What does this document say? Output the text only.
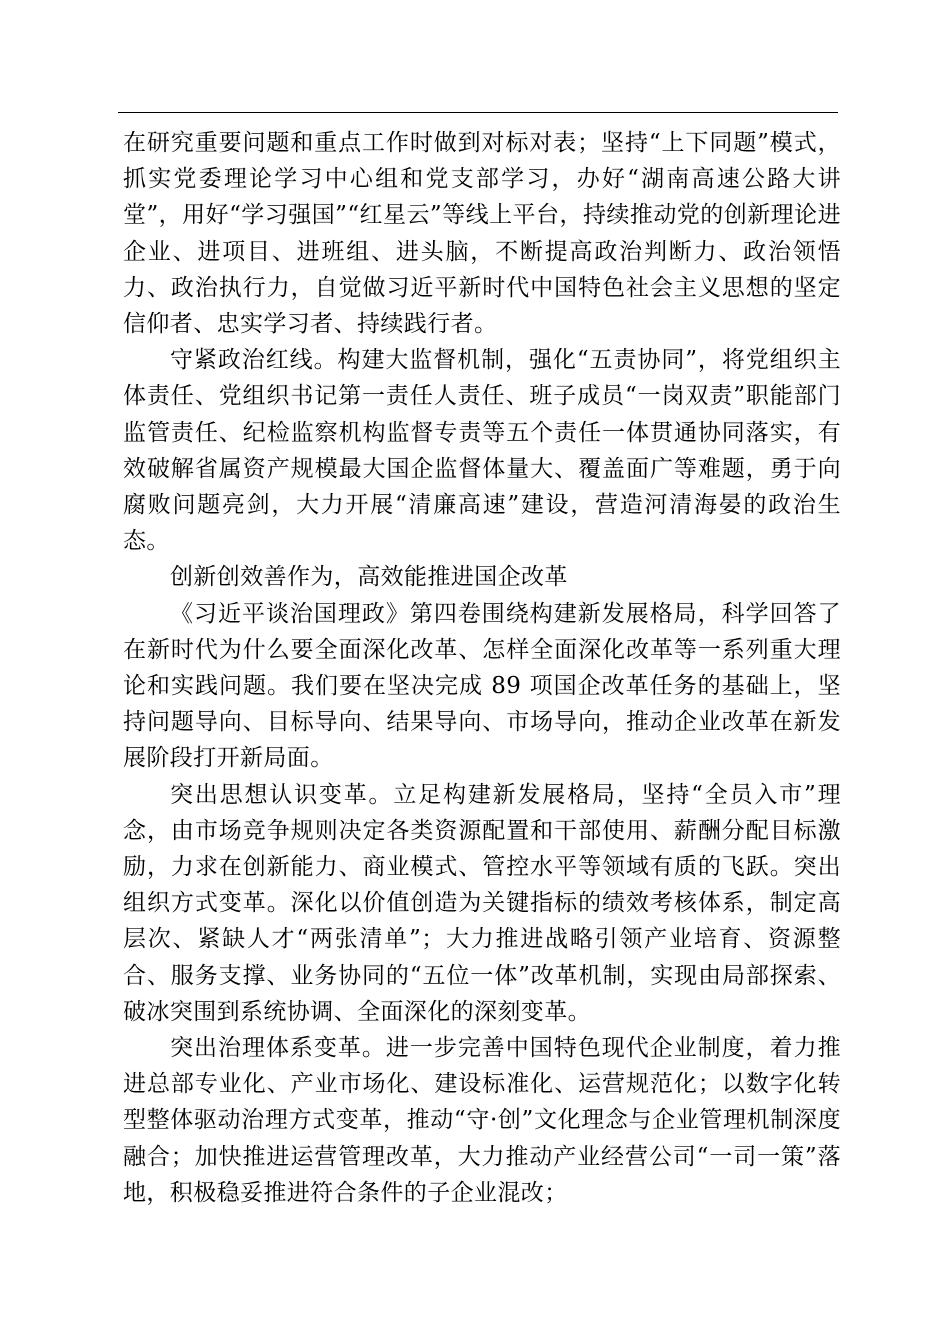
在研究重要问题和重点工作时做到对标对表；坚持“上下同题”模式，抓实党委理论学习中心组和党支部学习，办好“湖南高速公路大讲堂”，用好“学习强国”“红星云”等线上平台，持续推动党的创新理论进企业、进项目、进班组、进头脑，不断提高政治判断力、政治领悟力、政治执行力，自觉做习近平新时代中国特色社会主义思想的坚定信仰者、忠实学习者、持续践行者。

守紧政治红线。构建大监督机制，强化“五责协同”，将党组织主体责任、党组织书记第一责任人责任、班子成员“一岗双责”职能部门监管责任、纪检监察机构监督专责等五个责任一体贯通协同落实，有效破解省属资产规模最大国企监督体量大、覆盖面广等难题，勇于向腐败问题亮剑，大力开展“清廉高速”建设，营造河清海晏的政治生态。

创新创效善作为，高效能推进国企改革

《习近平谈治国理政》第四卷围绕构建新发展格局，科学回答了在新时代为什么要全面深化改革、怎样全面深化改革等一系列重大理论和实践问题。我们要在坚决完成 89 项国企改革任务的基础上，坚持问题导向、目标导向、结果导向、市场导向，推动企业改革在新发展阶段打开新局面。

突出思想认识变革。立足构建新发展格局，坚持“全员入市”理念，由市场竞争规则决定各类资源配置和干部使用、薪酬分配目标激励，力求在创新能力、商业模式、管控水平等领域有质的飞跃。突出组织方式变革。深化以价值创造为关键指标的绩效考核体系，制定高层次、紧缺人才“两张清单”；大力推进战略引领产业培育、资源整合、服务支撑、业务协同的“五位一体”改革机制，实现由局部探索、破冰突围到系统协调、全面深化的深刻变革。

突出治理体系变革。进一步完善中国特色现代企业制度，着力推进总部专业化、产业市场化、建设标准化、运营规范化；以数字化转型整体驱动治理方式变革，推动“守·创”文化理念与企业管理机制深度融合；加快推进运营管理改革，大力推动产业经营公司“一司一策”落地，积极稳妥推进符合条件的子企业混改；
